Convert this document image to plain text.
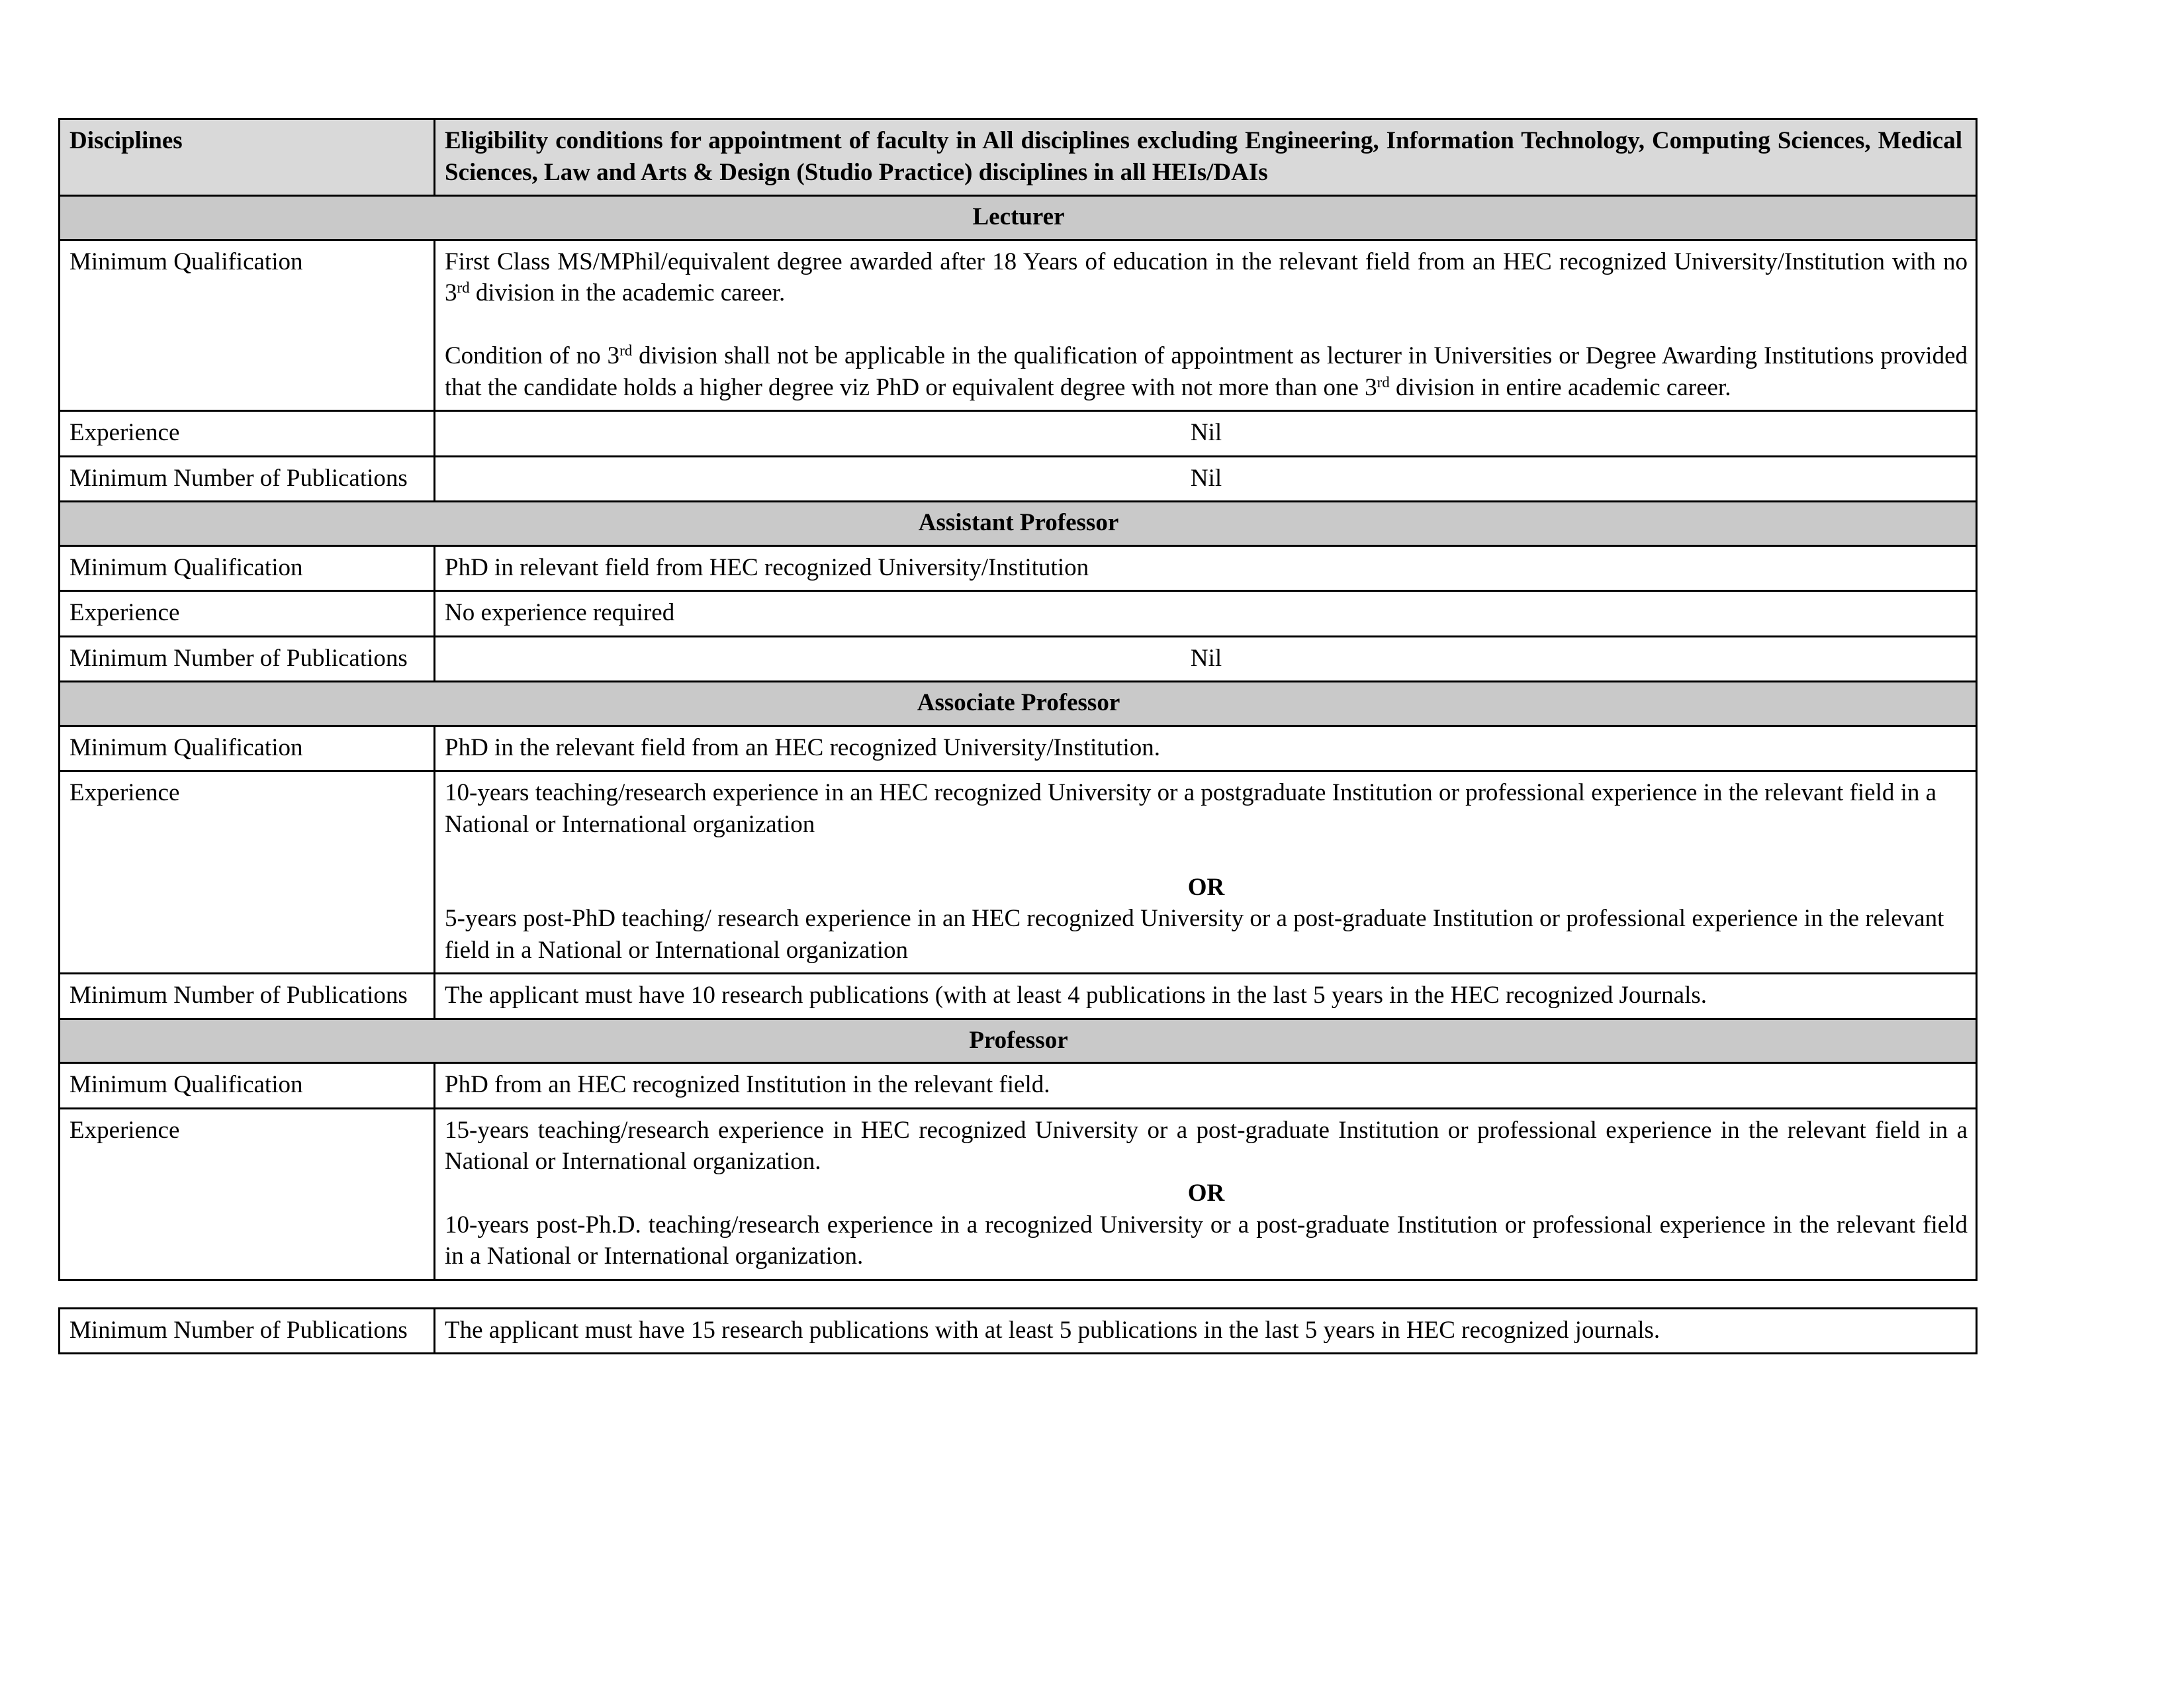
Disciplines	Eligibility conditions for appointment of faculty in All disciplines excluding Engineering, Information Technology, Computing Sciences, Medical Sciences, Law and Arts & Design (Studio Practice) disciplines in all HEIs/DAIs
Lecturer	
Minimum Qualification	First Class MS/MPhil/equivalent degree awarded after 18 Years of education in the relevant field from an HEC recognized University/Institution with no 3rd division in the academic career.

Condition of no 3rd division shall not be applicable in the qualification of appointment as lecturer in Universities or Degree Awarding Institutions provided that the candidate holds a higher degree viz PhD or equivalent degree with not more than one 3rd division in entire academic career.

Experience	Nil
Minimum Number of Publications	Nil
Assistant Professor	
Minimum Qualification	PhD in relevant field from HEC recognized University/Institution
Experience	No experience required
Minimum Number of Publications	Nil
Associate Professor	
Minimum Qualification	PhD in the relevant field from an HEC recognized University/Institution.
Experience	10-years teaching/research experience in an HEC recognized University or a postgraduate Institution or professional experience in the relevant field in a National or International organization

OR

5-years post-PhD teaching/ research experience in an HEC recognized University or a post-graduate Institution or professional experience in the relevant field in a National or International organization

Minimum Number of Publications	The applicant must have 10 research publications (with at least 4 publications in the last 5 years in the HEC recognized Journals.
Professor	
Minimum Qualification	PhD from an HEC recognized Institution in the relevant field.
Experience	15-years teaching/research experience in HEC recognized University or a post-graduate Institution or professional experience in the relevant field in a National or International organization.

OR

10-years post-Ph.D. teaching/research experience in a recognized University or a post-graduate Institution or professional experience in the relevant field in a National or International organization.

Minimum Number of Publications	The applicant must have 15 research publications with at least 5 publications in the last 5 years in HEC recognized journals.
